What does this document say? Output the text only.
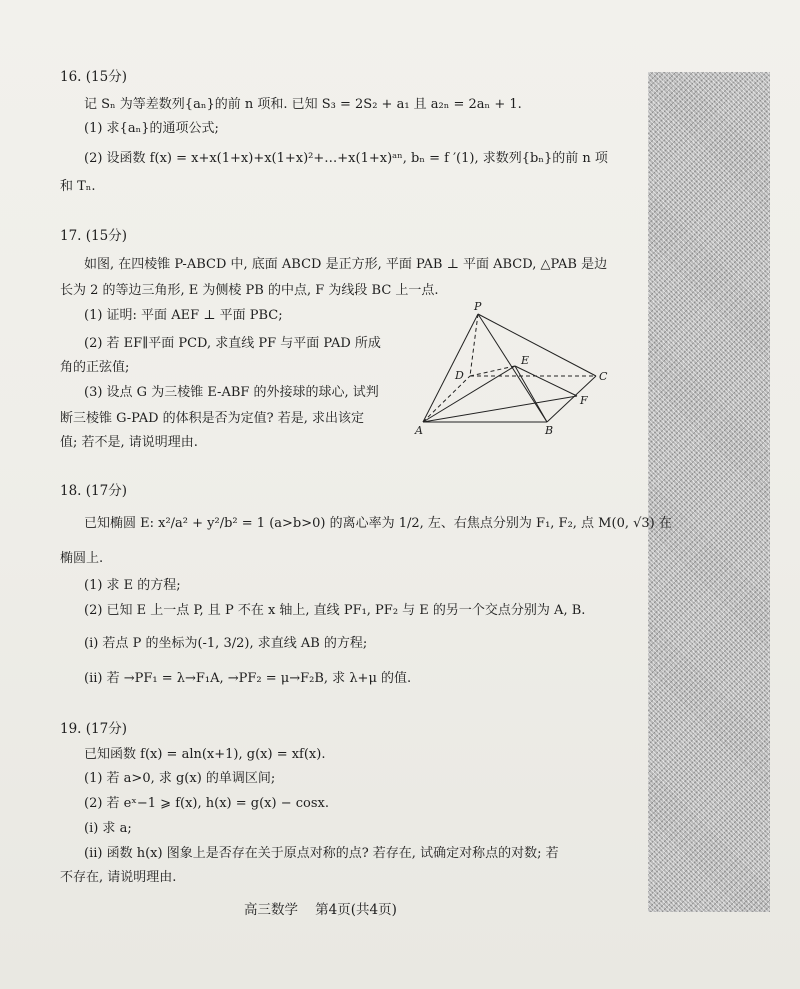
16. (15分)

记 Sₙ 为等差数列{aₙ}的前 n 项和. 已知 S₃ = 2S₂ + a₁ 且 a₂ₙ = 2aₙ + 1.

(1) 求{aₙ}的通项公式;

(2) 设函数 f(x) = x+x(1+x)+x(1+x)²+…+x(1+x)ᵃⁿ, bₙ = f ′(1), 求数列{bₙ}的前 n 项

和 Tₙ.

17. (15分)

如图, 在四棱锥 P-ABCD 中, 底面 ABCD 是正方形, 平面 PAB ⊥ 平面 ABCD, △PAB 是边

长为 2 的等边三角形, E 为侧棱 PB 的中点, F 为线段 BC 上一点.

(1) 证明: 平面 AEF ⊥ 平面 PBC;

(2) 若 EF∥平面 PCD, 求直线 PF 与平面 PAD 所成

角的正弦值;

(3) 设点 G 为三棱锥 E-ABF 的外接球的球心, 试判

断三棱锥 G-PAD 的体积是否为定值? 若是, 求出该定

值; 若不是, 请说明理由.

P
D
E
C
F
A	B

18. (17分)

已知椭圆 E: x²/a² + y²/b² = 1 (a>b>0) 的离心率为 1/2, 左、右焦点分别为 F₁, F₂, 点 M(0, √3) 在

椭圆上.

(1) 求 E 的方程;

(2) 已知 E 上一点 P, 且 P 不在 x 轴上, 直线 PF₁, PF₂ 与 E 的另一个交点分别为 A, B.

(ⅰ) 若点 P 的坐标为(-1, 3/2), 求直线 AB 的方程;

(ⅱ) 若 →PF₁ = λ→F₁A, →PF₂ = μ→F₂B, 求 λ+μ 的值.

19. (17分)

已知函数 f(x) = aln(x+1), g(x) = xf(x).

(1) 若 a>0, 求 g(x) 的单调区间;

(2) 若 eˣ−1 ⩾ f(x), h(x) = g(x) − cosx.

(ⅰ) 求 a;

(ⅱ) 函数 h(x) 图象上是否存在关于原点对称的点? 若存在, 试确定对称点的对数; 若

不存在, 请说明理由.

高三数学 第4页(共4页)
